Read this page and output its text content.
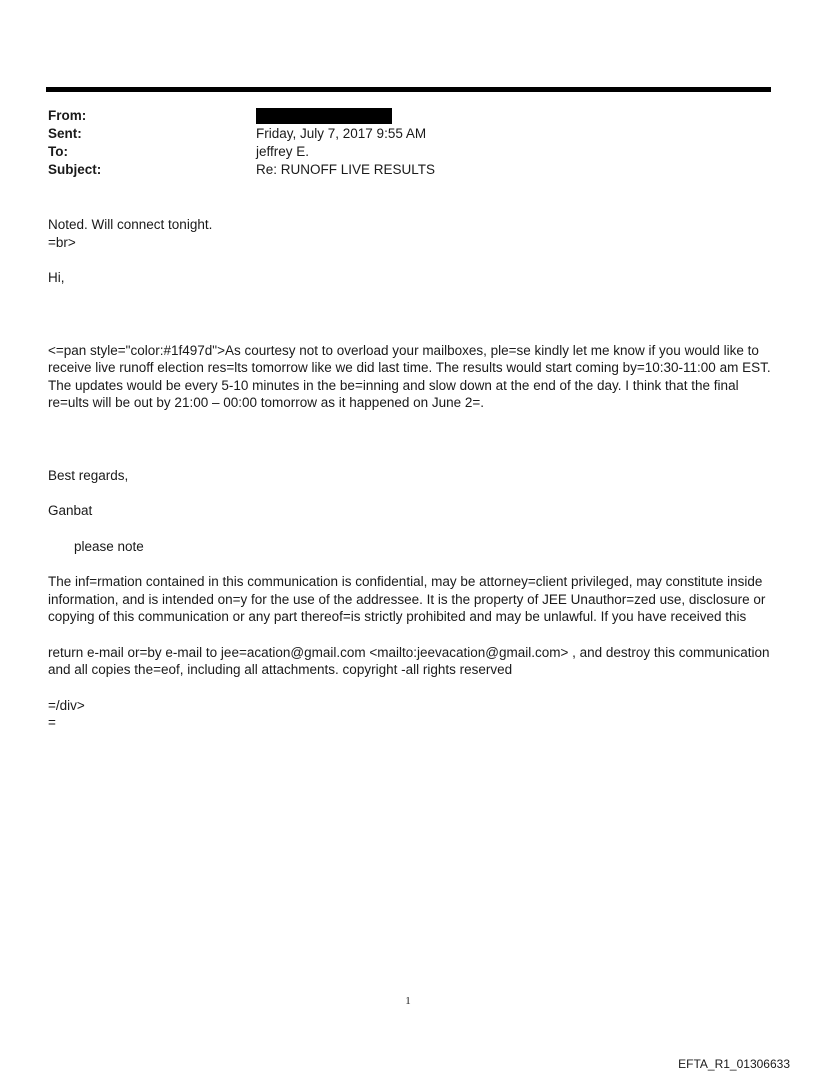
From:
Sent:	Friday, July 7, 2017 9:55 AM
To:	jeffrey E.
Subject:	Re: RUNOFF LIVE RESULTS

Noted. Will connect tonight.

=br>

Hi,

<=pan style="color:#1f497d">As courtesy not to overload your mailboxes, ple=se kindly let me know if you would like to receive live runoff election res=lts tomorrow like we did last time. The results would start coming by=10:30-11:00 am EST. The updates would be every 5-10 minutes in the be=inning and slow down at the end of the day. I think that the final re=ults will be out by 21:00 – 00:00 tomorrow as it happened on June 2=.

Best regards,

Ganbat

please note

The inf=rmation contained in this communication is confidential, may be attorney=client privileged, may constitute inside information, and is intended on=y for the use of the addressee. It is the property of JEE Unauthor=zed use, disclosure or copying of this communication or any part thereof=is strictly prohibited and may be unlawful. If you have received this

return e-mail or=by e-mail to jee=acation@gmail.com <mailto:jeevacation@gmail.com> , and destroy this communication and all copies the=eof, including all attachments. copyright -all rights reserved

=/div>

=

1
EFTA_R1_01306633
